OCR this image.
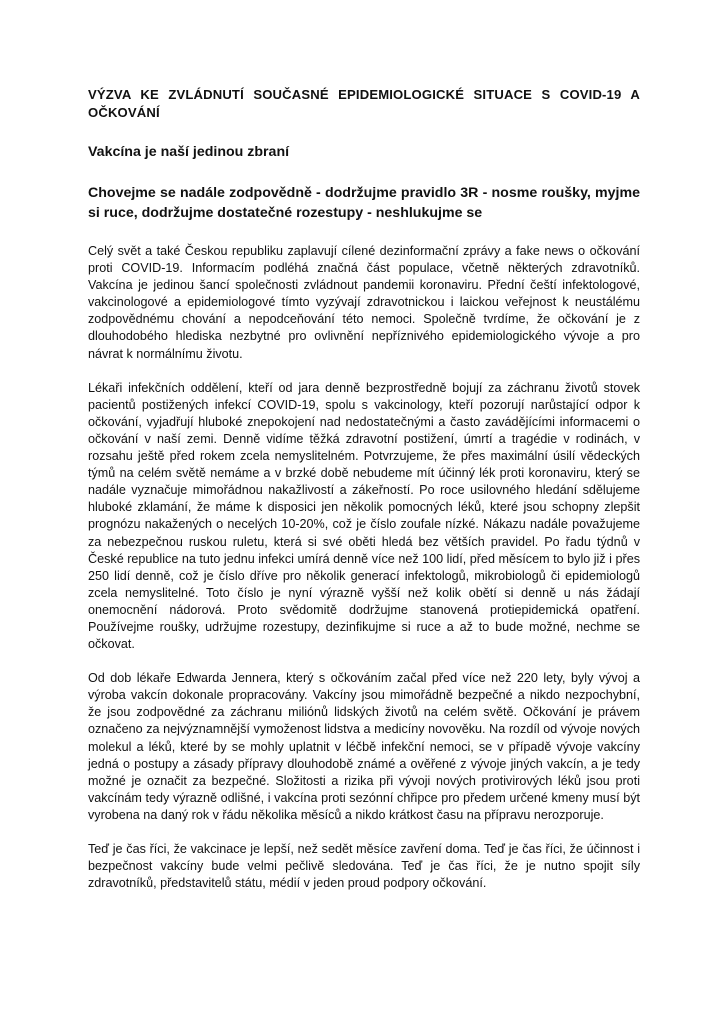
VÝZVA KE ZVLÁDNUTÍ SOUČASNÉ EPIDEMIOLOGICKÉ SITUACE S COVID-19 A OČKOVÁNÍ
Vakcína je naší jedinou zbraní
Chovejme se nadále zodpovědně - dodržujme pravidlo 3R - nosme roušky, myjme si ruce, dodržujme dostatečné rozestupy - neshlukujme se

Celý svět a také Českou republiku zaplavují cílené dezinformační zprávy a fake news o očkování proti COVID-19. Informacím podléhá značná část populace, včetně některých zdravotníků. Vakcína je jedinou šancí společnosti zvládnout pandemii koronaviru. Přední čeští infektologové, vakcinologové a epidemiologové tímto vyzývají zdravotnickou i laickou veřejnost k neustálému zodpovědnému chování a nepodceňování této nemoci. Společně tvrdíme, že očkování je z dlouhodobého hlediska nezbytné pro ovlivnění nepříznivého epidemiologického vývoje a pro návrat k normálnímu životu.

Lékaři infekčních oddělení, kteří od jara denně bezprostředně bojují za záchranu životů stovek pacientů postižených infekcí COVID-19, spolu s vakcinology, kteří pozorují narůstající odpor k očkování, vyjadřují hluboké znepokojení nad nedostatečnými a často zavádějícími informacemi o očkování v naší zemi. Denně vidíme těžká zdravotní postižení, úmrtí a tragédie v rodinách, v rozsahu ještě před rokem zcela nemyslitelném. Potvrzujeme, že přes maximální úsilí vědeckých týmů na celém světě nemáme a v brzké době nebudeme mít účinný lék proti koronaviru, který se nadále vyznačuje mimořádnou nakažlivostí a zákeřností. Po roce usilovného hledání sdělujeme hluboké zklamání, že máme k disposici jen několik pomocných léků, které jsou schopny zlepšit prognózu nakažených o necelých 10-20%, což je číslo zoufale nízké. Nákazu nadále považujeme za nebezpečnou ruskou ruletu, která si své oběti hledá bez větších pravidel. Po řadu týdnů v České republice na tuto jednu infekci umírá denně více než 100 lidí, před měsícem to bylo již i přes 250 lidí denně, což je číslo dříve pro několik generací infektologů, mikrobiologů či epidemiologů zcela nemyslitelné. Toto číslo je nyní výrazně vyšší než kolik obětí si denně u nás žádají onemocnění nádorová. Proto svědomitě dodržujme stanovená protiepidemická opatření. Používejme roušky, udržujme rozestupy, dezinfikujme si ruce a až to bude možné, nechme se očkovat.

Od dob lékaře Edwarda Jennera, který s očkováním začal před více než 220 lety, byly vývoj a výroba vakcín dokonale propracovány. Vakcíny jsou mimořádně bezpečné a nikdo nezpochybní, že jsou zodpovědné za záchranu miliónů lidských životů na celém světě. Očkování je právem označeno za nejvýznamnější vymoženost lidstva a medicíny novověku. Na rozdíl od vývoje nových molekul a léků, které by se mohly uplatnit v léčbě infekční nemoci, se v případě vývoje vakcíny jedná o postupy a zásady přípravy dlouhodobě známé a ověřené z vývoje jiných vakcín, a je tedy možné je označit za bezpečné. Složitosti a rizika při vývoji nových protivirových léků jsou proti vakcínám tedy výrazně odlišné, i vakcína proti sezónní chřipce pro předem určené kmeny musí být vyrobena na daný rok v řádu několika měsíců a nikdo krátkost času na přípravu nerozporuje.

Teď je čas říci, že vakcinace je lepší, než sedět měsíce zavření doma. Teď je čas říci, že účinnost i bezpečnost vakcíny bude velmi pečlivě sledována. Teď je čas říci, že je nutno spojit síly zdravotníků, představitelů státu, médií v jeden proud podpory očkování.
